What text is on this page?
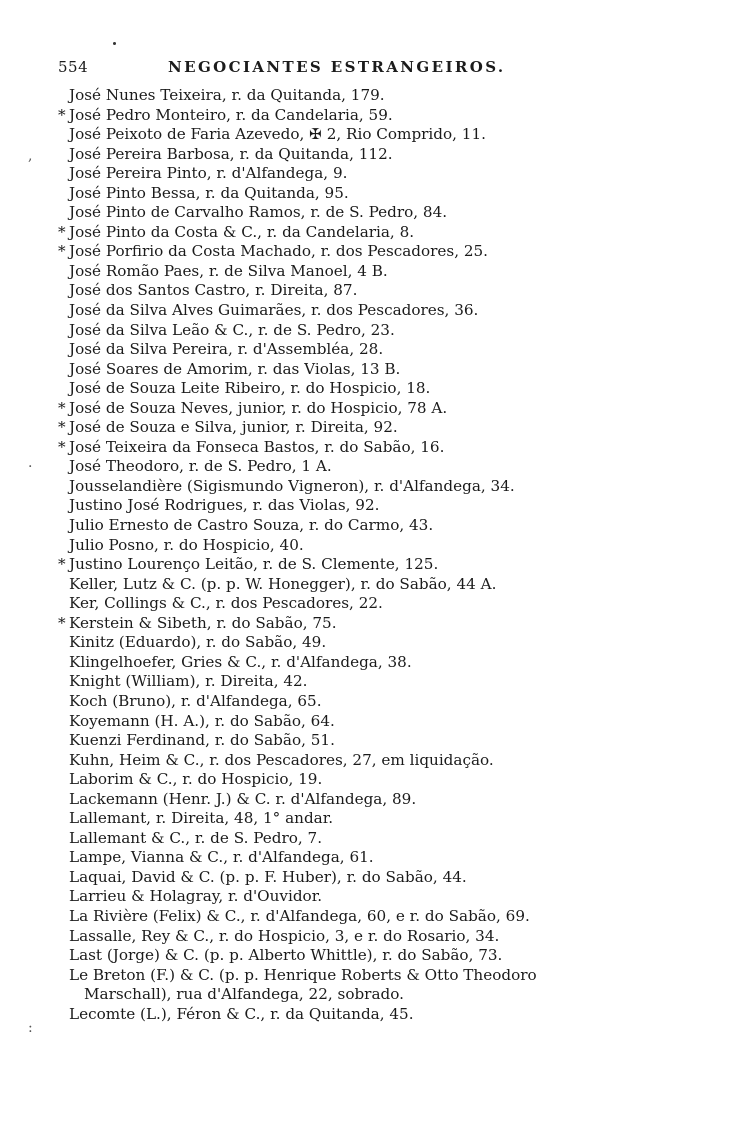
,
.
:
554	NEGOCIANTES ESTRANGEIROS.
José Nunes Teixeira, r. da Quitanda, 179.
* José Pedro Monteiro, r. da Candelaria, 59.
José Peixoto de Faria Azevedo, ✠ 2, Rio Comprido, 11.
José Pereira Barbosa, r. da Quitanda, 112.
José Pereira Pinto, r. d'Alfandega, 9.
José Pinto Bessa, r. da Quitanda, 95.
José Pinto de Carvalho Ramos, r. de S. Pedro, 84.
* José Pinto da Costa & C., r. da Candelaria, 8.
* José Porfirio da Costa Machado, r. dos Pescadores, 25.
José Romão Paes, r. de Silva Manoel, 4 B.
José dos Santos Castro, r. Direita, 87.
José da Silva Alves Guimarães, r. dos Pescadores, 36.
José da Silva Leão & C., r. de S. Pedro, 23.
José da Silva Pereira, r. d'Assembléa, 28.
José Soares de Amorim, r. das Violas, 13 B.
José de Souza Leite Ribeiro, r. do Hospicio, 18.
* José de Souza Neves, junior, r. do Hospicio, 78 A.
* José de Souza e Silva, junior, r. Direita, 92.
* José Teixeira da Fonseca Bastos, r. do Sabão, 16.
José Theodoro, r. de S. Pedro, 1 A.
Jousselandière (Sigismundo Vigneron), r. d'Alfandega, 34.
Justino José Rodrigues, r. das Violas, 92.
Julio Ernesto de Castro Souza, r. do Carmo, 43.
Julio Posno, r. do Hospicio, 40.
* Justino Lourenço Leitão, r. de S. Clemente, 125.
Keller, Lutz & C. (p. p. W. Honegger), r. do Sabão, 44 A.
Ker, Collings & C., r. dos Pescadores, 22.
* Kerstein & Sibeth, r. do Sabão, 75.
Kinitz (Eduardo), r. do Sabão, 49.
Klingelhoefer, Gries & C., r. d'Alfandega, 38.
Knight (William), r. Direita, 42.
Koch (Bruno), r. d'Alfandega, 65.
Koyemann (H. A.), r. do Sabão, 64.
Kuenzi Ferdinand, r. do Sabão, 51.
Kuhn, Heim & C., r. dos Pescadores, 27, em liquidação.
Laborim & C., r. do Hospicio, 19.
Lackemann (Henr. J.) & C. r. d'Alfandega, 89.
Lallemant, r. Direita, 48, 1° andar.
Lallemant & C., r. de S. Pedro, 7.
Lampe, Vianna & C., r. d'Alfandega, 61.
Laquai, David & C. (p. p. F. Huber), r. do Sabão, 44.
Larrieu & Holagray, r. d'Ouvidor.
La Rivière (Felix) & C., r. d'Alfandega, 60, e r. do Sabão, 69.
Lassalle, Rey & C., r. do Hospicio, 3, e r. do Rosario, 34.
Last (Jorge) & C. (p. p. Alberto Whittle), r. do Sabão, 73.
Le Breton (F.) & C. (p. p. Henrique Roberts & Otto Theodoro
Marschall), rua d'Alfandega, 22, sobrado.
Lecomte (L.), Féron & C., r. da Quitanda, 45.
